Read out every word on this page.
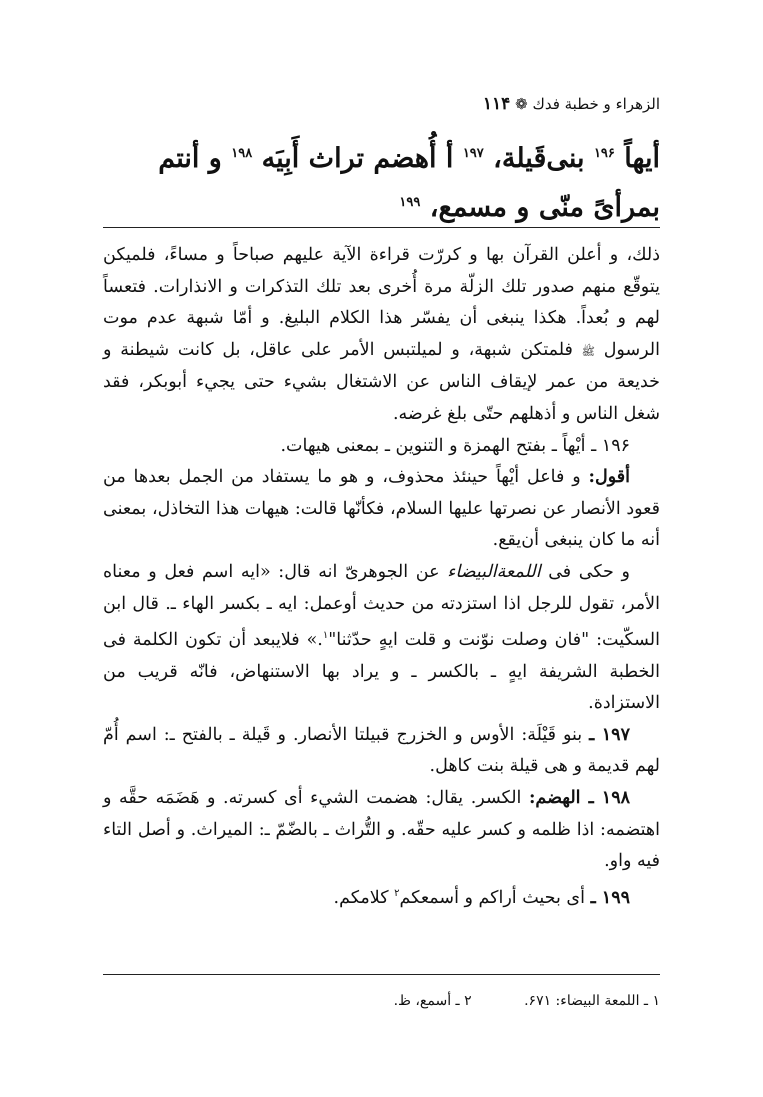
الزهراء و خطبة فدك ❁ ۱۱۴
أيهاً $^{۱۹۶}$ بنى‌قَيلة، $^{۱۹۷}$ أ أُهضم تراث أَبِيَه $^{۱۹۸}$ و أنتم بمرأىً منّى و مسمع، $^{۱۹۹}$

ذلك، و أعلن القرآن بها و كررّت قراءة الآية عليهم صباحاً و مساءً، فلميكن يتوقّع منهم صدور تلك الزلّة مرة أُخرى بعد تلك التذكرات و الانذارات. فتعساً لهم و بُعداً. هكذا ينبغى أن يفسّر هذا الكلام البليغ. و أمّا شبهة عدم موت الرسول ﷺ فلمتكن شبهة، و لميلتبس الأمر على عاقل، بل كانت شيطنة و خديعة من عمر لإيقاف الناس عن الاشتغال بشيء حتى يجيء أبوبكر، فقد شغل الناس و أذهلهم حتّى بلغ غرضه.

۱۹۶ ـ أيْهاً ـ بفتح الهمزة و التنوين ـ بمعنى هيهات.

أقول: و فاعل أيْهاً حينئذ محذوف، و هو ما يستفاد من الجمل بعدها من قعود الأنصار عن نصرتها عليها السلام، فكأنّها قالت: هيهات هذا التخاذل، بمعنى أنه ما كان ينبغى أن‌يقع.

و حكى فى اللمعةالبيضاء عن الجوهرىّ انه قال: «ايه اسم فعل و معناه الأمر، تقول للرجل اذا استزدته من حديث أوعمل: ايه ـ بكسر الهاء ـ. قال ابن السكّيت: "فان وصلت نوّنت و قلت ايهٍ حدّثنا"$^١$.» فلايبعد أن تكون الكلمة فى الخطبة الشريفة ايهٍ ـ بالكسر ـ و يراد بها الاستنهاض، فانّه قريب من الاستزادة.

۱۹۷ ـ بنو قَيْلَة: الأوس و الخزرج قبيلتا الأنصار. و قَيلة ـ بالفتح ـ: اسم أُمّ لهم قديمة و هى قيلة بنت كاهل.

۱۹۸ ـ الهضم: الكسر. يقال: هضمت الشيء أى كسرته. و هَضَمَه حقَّه و اهتضمه: اذا ظلمه و كسر عليه حقّه. و التُّراث ـ بالضّمّ ـ: الميراث. و أصل التاء فيه واو.

۱۹۹ ـ أى بحيث أراكم و أسمعكم$^٢$ كلامكم.

١ ـ اللمعة البيضاء: ۶۷۱. ٢ ـ أسمع، ظ.
